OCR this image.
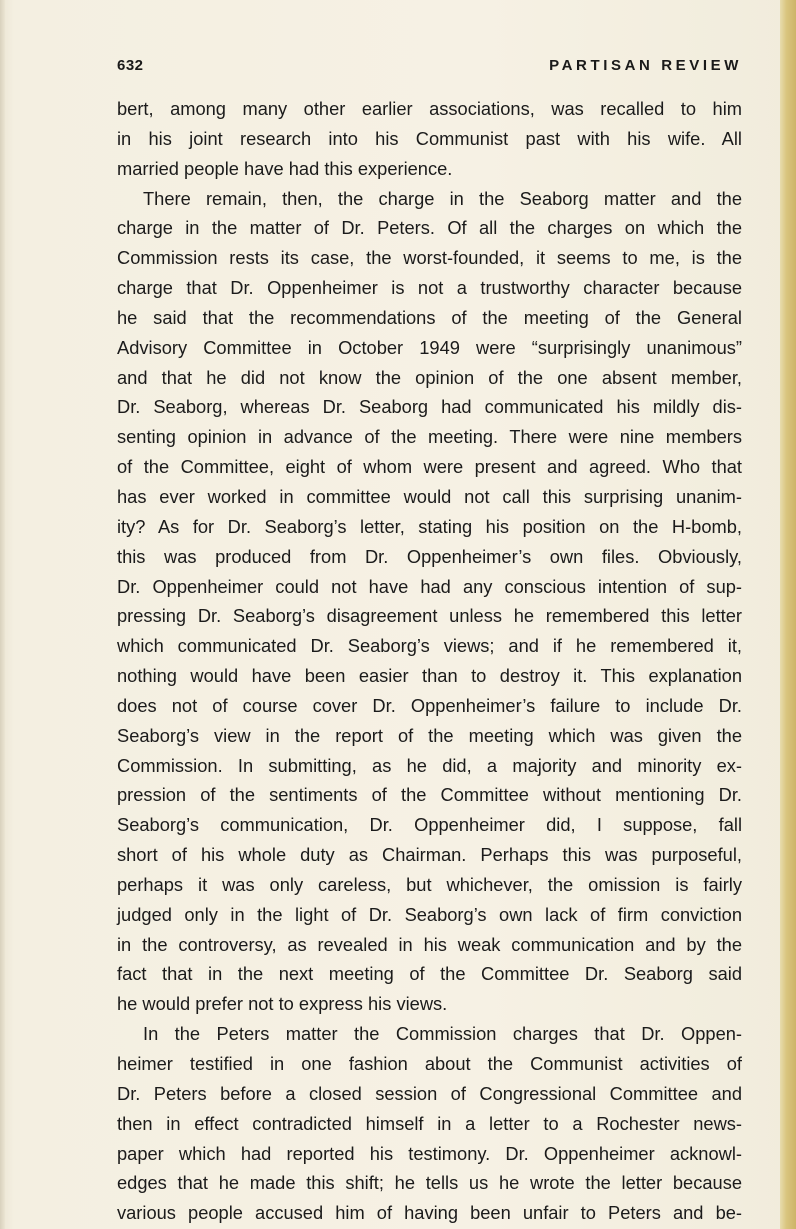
632	PARTISAN REVIEW
bert, among many other earlier associations, was recalled to him
in his joint research into his Communist past with his wife. All
married people have had this experience.
There remain, then, the charge in the Seaborg matter and the
charge in the matter of Dr. Peters. Of all the charges on which the
Commission rests its case, the worst-founded, it seems to me, is the
charge that Dr. Oppenheimer is not a trustworthy character because
he said that the recommendations of the meeting of the General
Advisory Committee in October 1949 were “surprisingly unanimous”
and that he did not know the opinion of the one absent member,
Dr. Seaborg, whereas Dr. Seaborg had communicated his mildly dis-
senting opinion in advance of the meeting. There were nine members
of the Committee, eight of whom were present and agreed. Who that
has ever worked in committee would not call this surprising unanim-
ity? As for Dr. Seaborg’s letter, stating his position on the H-bomb,
this was produced from Dr. Oppenheimer’s own files. Obviously,
Dr. Oppenheimer could not have had any conscious intention of sup-
pressing Dr. Seaborg’s disagreement unless he remembered this letter
which communicated Dr. Seaborg’s views; and if he remembered it,
nothing would have been easier than to destroy it. This explanation
does not of course cover Dr. Oppenheimer’s failure to include Dr.
Seaborg’s view in the report of the meeting which was given the
Commission. In submitting, as he did, a majority and minority ex-
pression of the sentiments of the Committee without mentioning Dr.
Seaborg’s communication, Dr. Oppenheimer did, I suppose, fall
short of his whole duty as Chairman. Perhaps this was purposeful,
perhaps it was only careless, but whichever, the omission is fairly
judged only in the light of Dr. Seaborg’s own lack of firm conviction
in the controversy, as revealed in his weak communication and by the
fact that in the next meeting of the Committee Dr. Seaborg said
he would prefer not to express his views.
In the Peters matter the Commission charges that Dr. Oppen-
heimer testified in one fashion about the Communist activities of
Dr. Peters before a closed session of Congressional Committee and
then in effect contradicted himself in a letter to a Rochester news-
paper which had reported his testimony. Dr. Oppenheimer acknowl-
edges that he made this shift; he tells us he wrote the letter because
various people accused him of having been unfair to Peters and be-
